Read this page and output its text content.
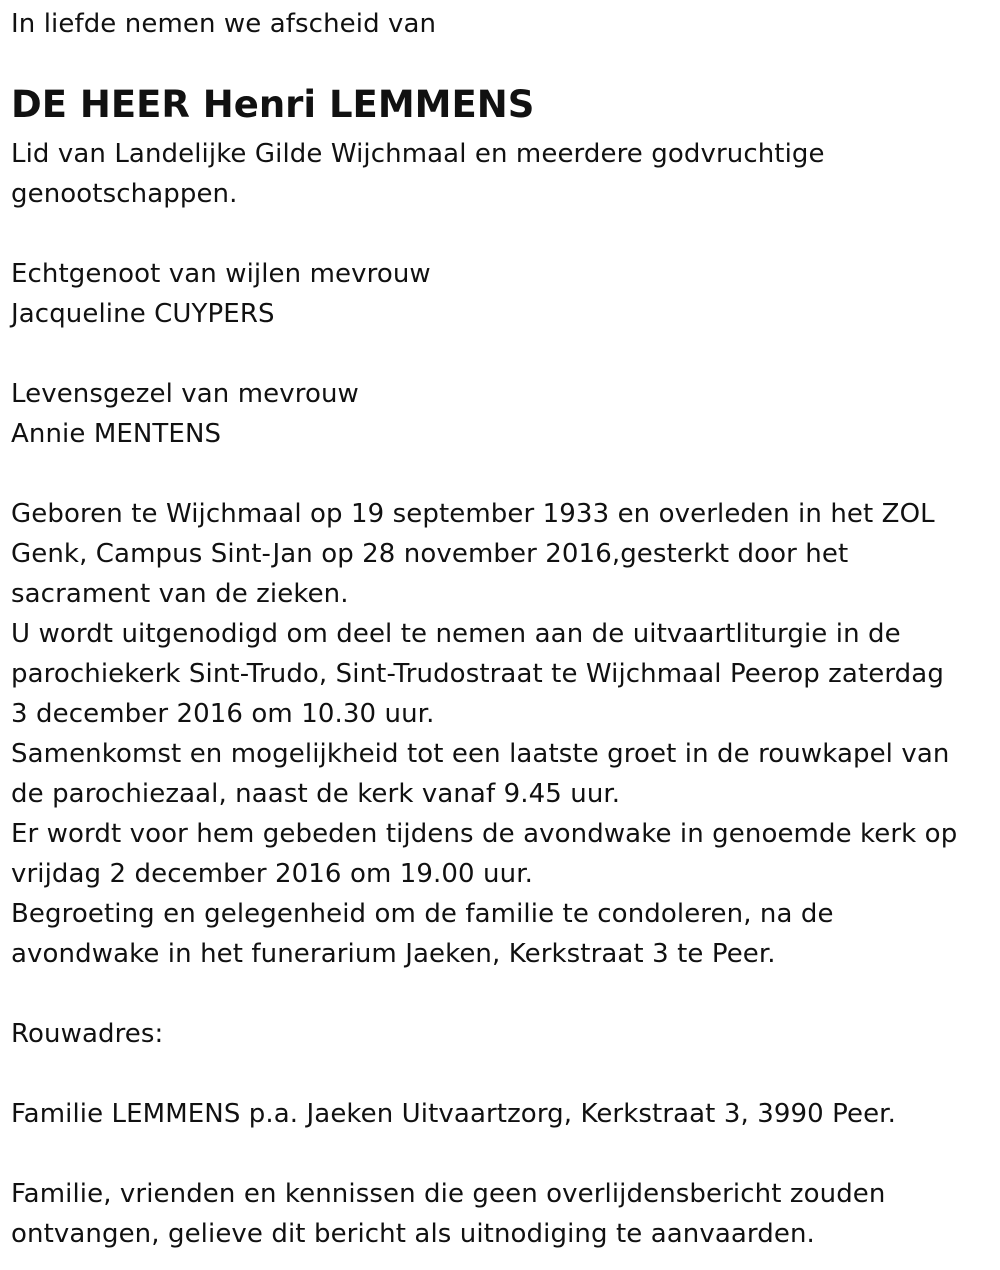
In liefde nemen we afscheid van
DE HEER Henri LEMMENS
Lid van Landelijke Gilde Wijchmaal en meerdere godvruchtige
genootschappen.
Echtgenoot van wijlen mevrouw
Jacqueline CUYPERS
Levensgezel van mevrouw
Annie MENTENS
Geboren te Wijchmaal op 19 september 1933 en overleden in het ZOL
Genk, Campus Sint-Jan op 28 november 2016,gesterkt door het
sacrament van de zieken.
U wordt uitgenodigd om deel te nemen aan de uitvaartliturgie in de
parochiekerk Sint-Trudo, Sint-Trudostraat te Wijchmaal Peerop zaterdag
3 december 2016 om 10.30 uur.
Samenkomst en mogelijkheid tot een laatste groet in de rouwkapel van
de parochiezaal, naast de kerk vanaf 9.45 uur.
Er wordt voor hem gebeden tijdens de avondwake in genoemde kerk op
vrijdag 2 december 2016 om 19.00 uur.
Begroeting en gelegenheid om de familie te condoleren, na de
avondwake in het funerarium Jaeken, Kerkstraat 3 te Peer.
Rouwadres:
Familie LEMMENS p.a. Jaeken Uitvaartzorg, Kerkstraat 3, 3990 Peer.
Familie, vrienden en kennissen die geen overlijdensbericht zouden
ontvangen, gelieve dit bericht als uitnodiging te aanvaarden.
